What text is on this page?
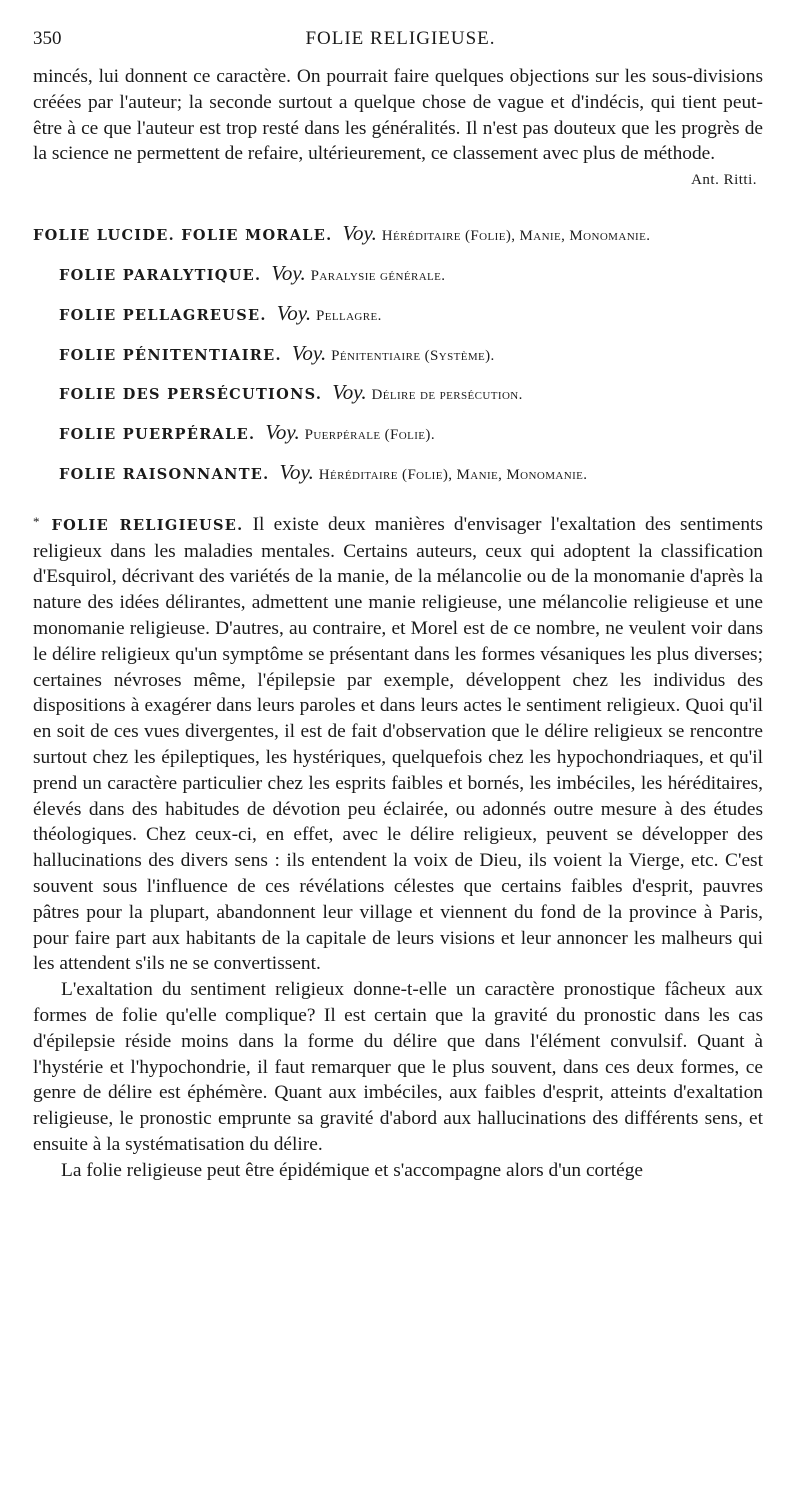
350	FOLIE RELIGIEUSE.

mincés, lui donnent ce caractère. On pourrait faire quelques objections sur les sous-divisions créées par l'auteur; la seconde surtout a quelque chose de vague et d'indécis, qui tient peut-être à ce que l'auteur est trop resté dans les généralités. Il n'est pas douteux que les progrès de la science ne permettent de refaire, ultérieurement, ce classement avec plus de méthode.

Ant. Ritti.
FOLIE LUCIDE. FOLIE MORALE. Voy. Héréditaire (Folie), Manie, Monomanie.
FOLIE PARALYTIQUE. Voy. Paralysie générale.
FOLIE PELLAGREUSE. Voy. Pellagre.
FOLIE PÉNITENTIAIRE. Voy. Pénitentiaire (Système).
FOLIE DES PERSÉCUTIONS. Voy. Délire de persécution.
FOLIE PUERPÉRALE. Voy. Puerpérale (Folie).
FOLIE RAISONNANTE. Voy. Héréditaire (Folie), Manie, Monomanie.

* FOLIE RELIGIEUSE. Il existe deux manières d'envisager l'exaltation des sentiments religieux dans les maladies mentales. Certains auteurs, ceux qui adoptent la classification d'Esquirol, décrivant des variétés de la manie, de la mélancolie ou de la monomanie d'après la nature des idées délirantes, admettent une manie religieuse, une mélancolie religieuse et une monomanie religieuse. D'autres, au contraire, et Morel est de ce nombre, ne veulent voir dans le délire religieux qu'un symptôme se présentant dans les formes vésaniques les plus diverses; certaines névroses même, l'épilepsie par exemple, développent chez les individus des dispositions à exagérer dans leurs paroles et dans leurs actes le sentiment religieux. Quoi qu'il en soit de ces vues divergentes, il est de fait d'observation que le délire religieux se rencontre surtout chez les épileptiques, les hystériques, quelquefois chez les hypochondriaques, et qu'il prend un caractère particulier chez les esprits faibles et bornés, les imbéciles, les héréditaires, élevés dans des habitudes de dévotion peu éclairée, ou adonnés outre mesure à des études théologiques. Chez ceux-ci, en effet, avec le délire religieux, peuvent se développer des hallucinations des divers sens : ils entendent la voix de Dieu, ils voient la Vierge, etc. C'est souvent sous l'influence de ces révélations célestes que certains faibles d'esprit, pauvres pâtres pour la plupart, abandonnent leur village et viennent du fond de la province à Paris, pour faire part aux habitants de la capitale de leurs visions et leur annoncer les malheurs qui les attendent s'ils ne se convertissent.

L'exaltation du sentiment religieux donne-t-elle un caractère pronostique fâcheux aux formes de folie qu'elle complique? Il est certain que la gravité du pronostic dans les cas d'épilepsie réside moins dans la forme du délire que dans l'élément convulsif. Quant à l'hystérie et l'hypochondrie, il faut remarquer que le plus souvent, dans ces deux formes, ce genre de délire est éphémère. Quant aux imbéciles, aux faibles d'esprit, atteints d'exaltation religieuse, le pronostic emprunte sa gravité d'abord aux hallucinations des différents sens, et ensuite à la systématisation du délire.

La folie religieuse peut être épidémique et s'accompagne alors d'un cortége
